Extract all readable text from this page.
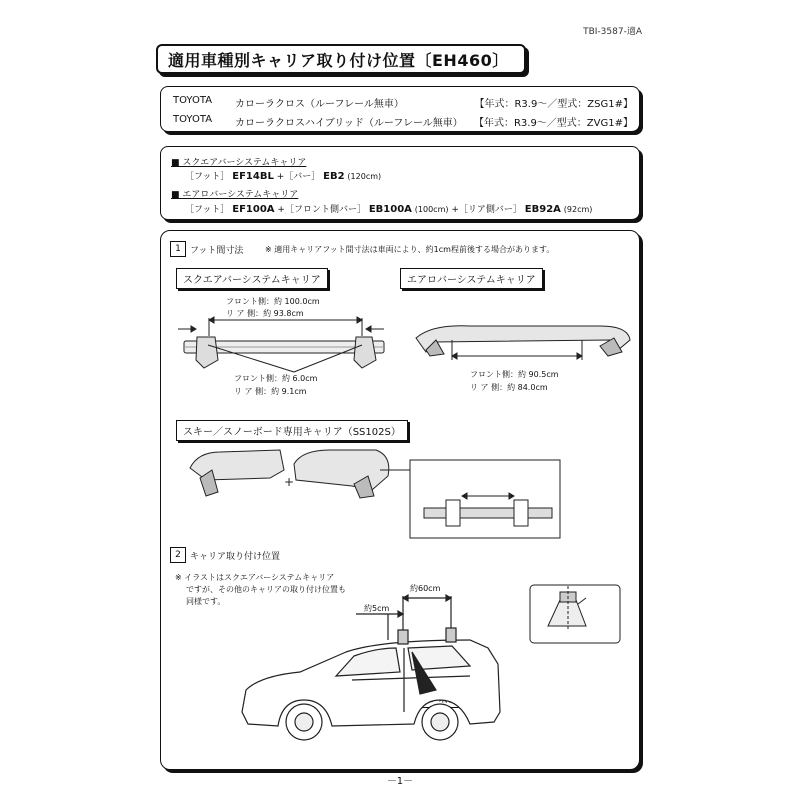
TBI-3587-適A
適用車種別キャリア取り付け位置〔EH460〕
TOYOTA	カローラクロス（ルーフレール無車）	【年式：R3.9〜／型式：ZSG1#】
TOYOTA	カローラクロスハイブリッド（ルーフレール無車）	【年式：R3.9〜／型式：ZVG1#】
■ スクエアバーシステムキャリア
［フット］ EF14BL +［バー］ EB2 (120cm)
■ エアロバーシステムキャリア
［フット］ EF100A +［フロント側バー］ EB100A (100cm) +［リア側バー］ EB92A (92cm)
1	フット間寸法	※ 適用キャリアフット間寸法は車両により、約1cm程前後する場合があります。
スクエアバーシステムキャリア
フロント側：約 100.0cm
リ ア 側：約 93.8cm
フロント側：約 6.0cm
リ ア 側：約 9.1cm
エアロバーシステムキャリア
フロント側：約 90.5cm
リ ア 側：約 84.0cm
スキー／スノーボード専用キャリア（SS102S）
2	キャリア取り付け位置
※ イラストはスクエアバーシステムキャリア
ですが、その他のキャリアの取り付け位置も
同様です。
約60cm
約5cm
－1－
+
